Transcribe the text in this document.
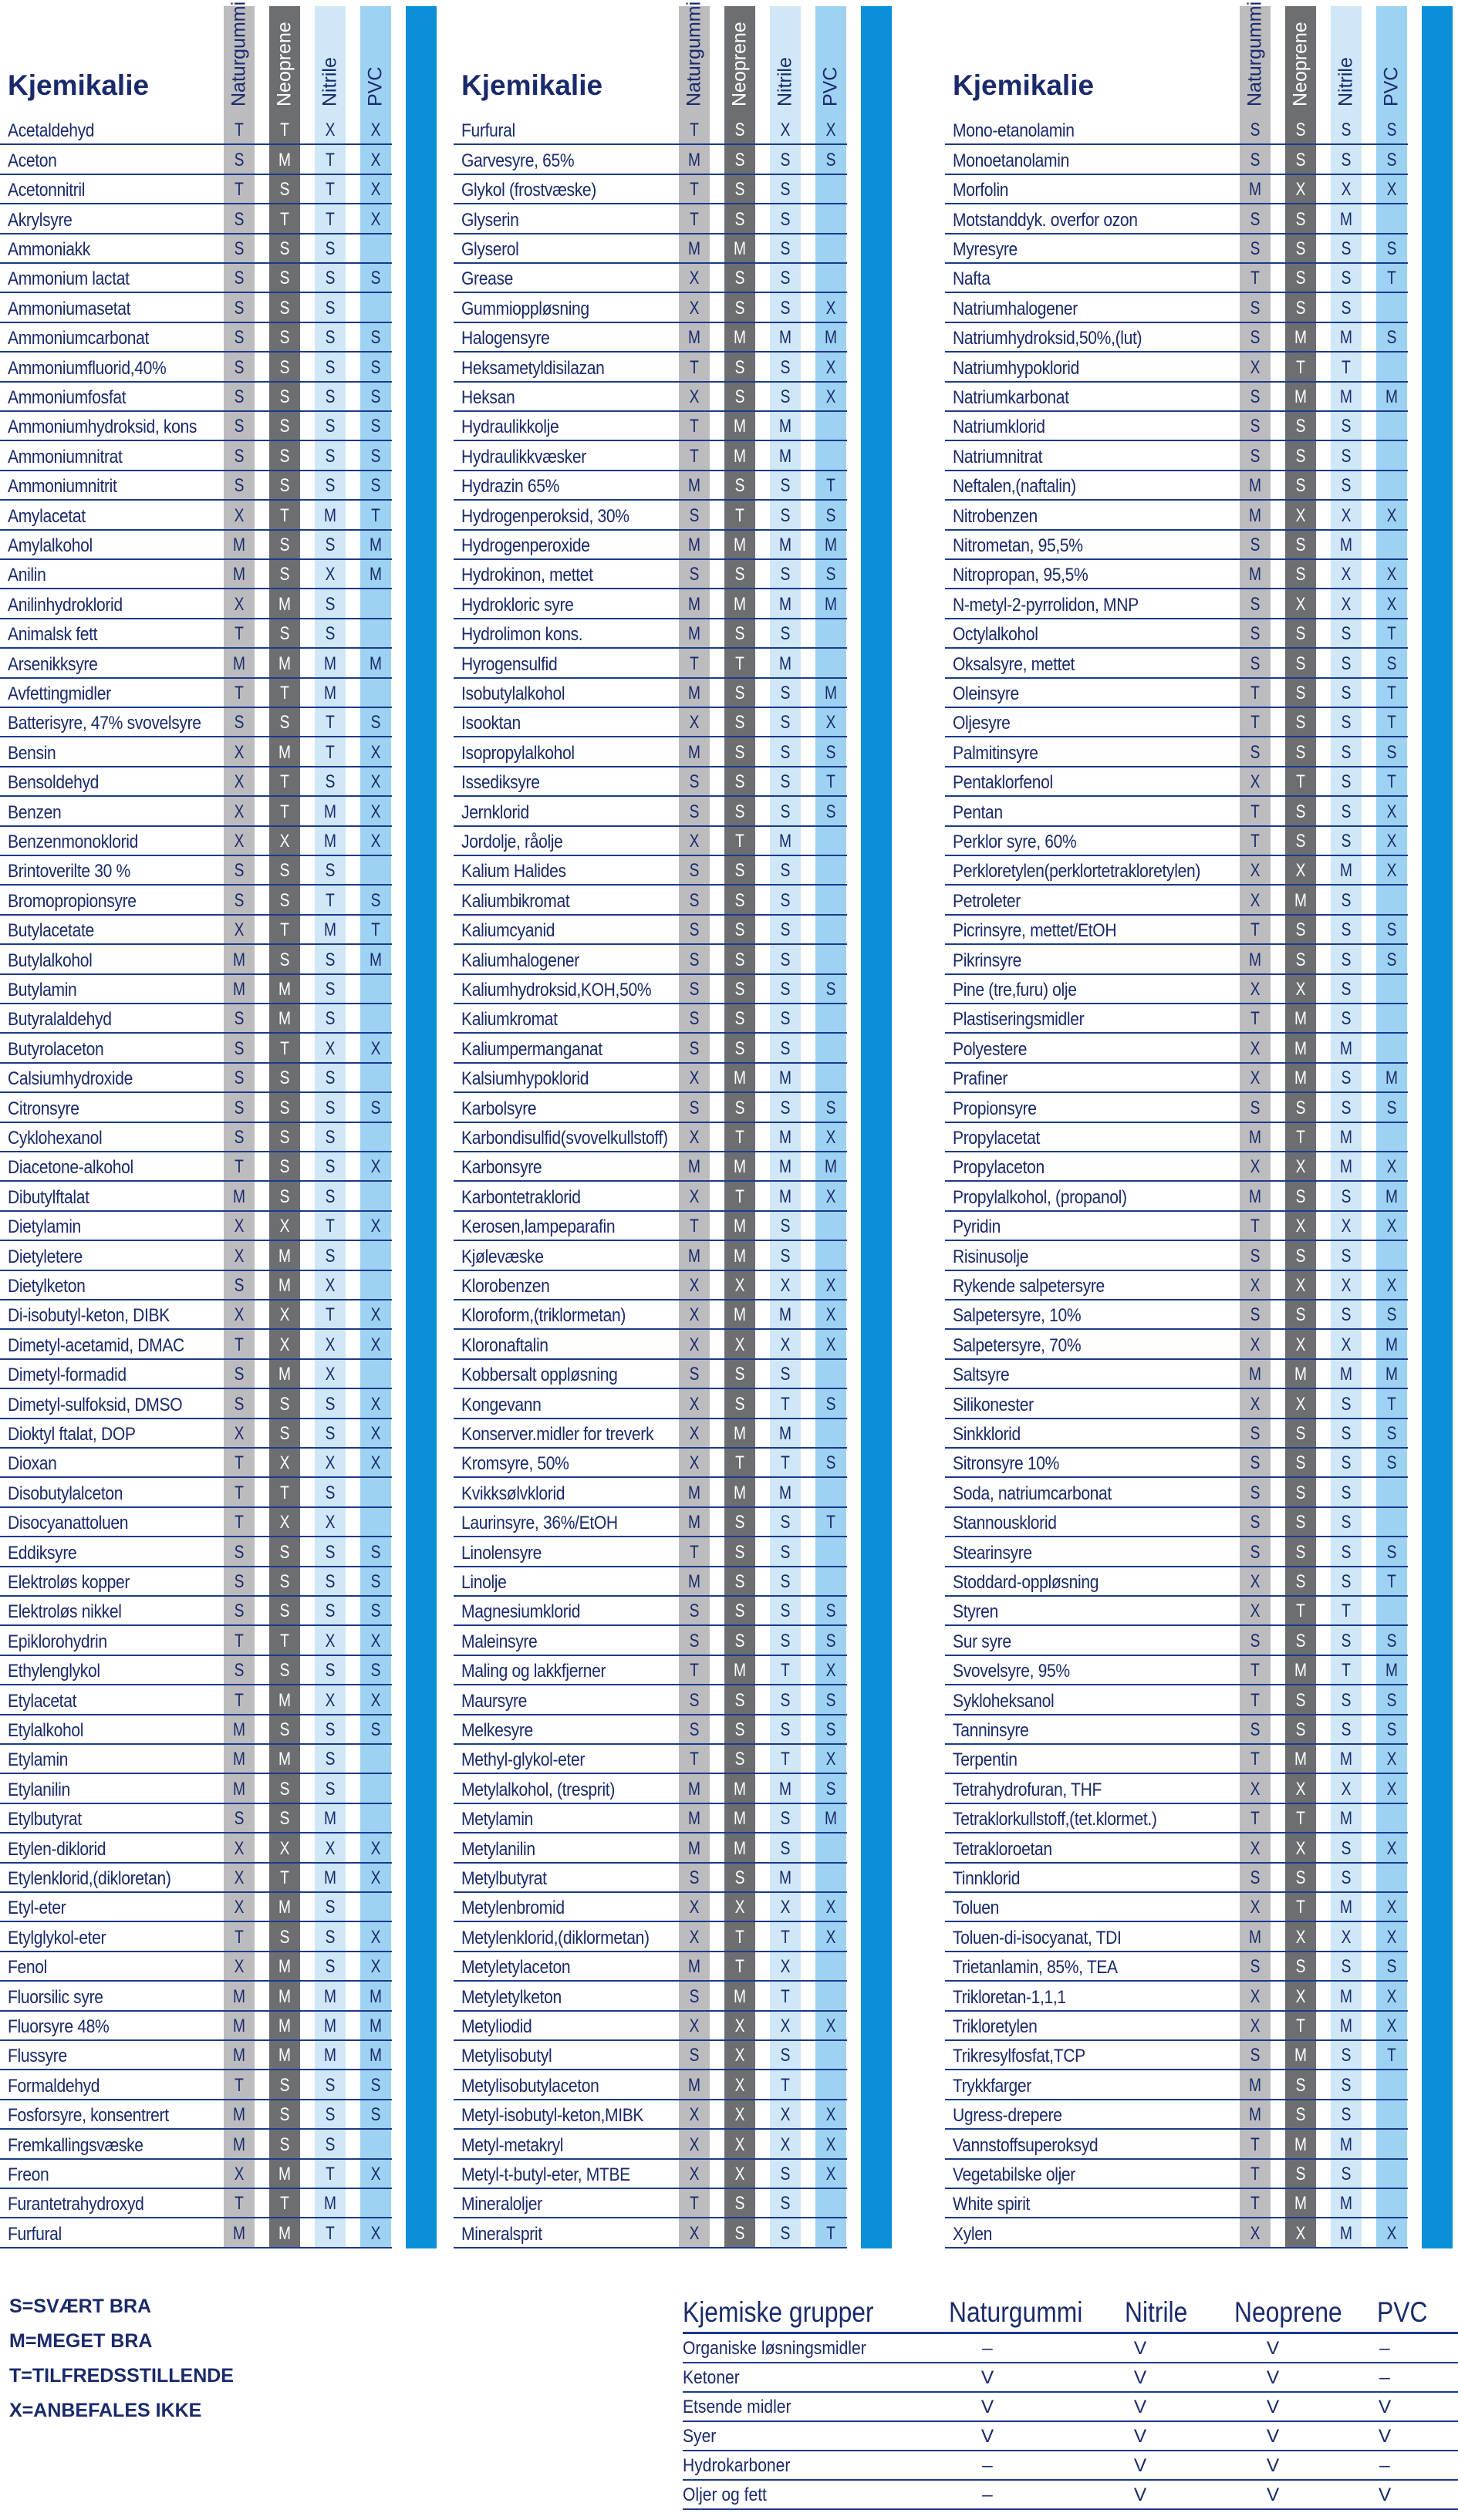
Kjemikalie	Naturgummi Neoprene Nitrile PVC
Acetaldehyd	T	T	X	X
Aceton	S	M	T	X
Acetonnitril	T	S	T	X
Akrylsyre	S	T	T	X
Ammoniakk	S	S	S
Ammonium lactat	S	S	S	S
Ammoniumasetat	S	S	S
Ammoniumcarbonat	S	S	S	S
Ammoniumfluorid,40%	S	S	S	S
Ammoniumfosfat	S	S	S	S
Ammoniumhydroksid, kons	S	S	S	S
Ammoniumnitrat	S	S	S	S
Ammoniumnitrit	S	S	S	S
Amylacetat	X	T	M	T
Amylalkohol	M	S	S	M
Anilin	M	S	X	M
Anilinhydroklorid	X	M	S
Animalsk fett	T	S	S
Arsenikksyre	M	M	M	M
Avfettingmidler	T	T	M
Batterisyre, 47% svovelsyre	S	S	T	S
Bensin	X	M	T	X
Bensoldehyd	X	T	S	X
Benzen	X	T	M	X
Benzenmonoklorid	X	X	M	X
Brintoverilte 30 %	S	S	S
Bromopropionsyre	S	S	T	S
Butylacetate	X	T	M	T
Butylalkohol	M	S	S	M
Butylamin	M	M	S
Butyralaldehyd	S	M	S
Butyrolaceton	S	T	X	X
Calsiumhydroxide	S	S	S
Citronsyre	S	S	S	S
Cyklohexanol	S	S	S
Diacetone-alkohol	T	S	S	X
Dibutylftalat	M	S	S
Dietylamin	X	X	T	X
Dietyletere	X	M	S
Dietylketon	S	M	X
Di-isobutyl-keton, DIBK	X	X	T	X
Dimetyl-acetamid, DMAC	T	X	X	X
Dimetyl-formadid	S	M	X
Dimetyl-sulfoksid, DMSO	S	S	S	X
Dioktyl ftalat, DOP	X	S	S	X
Dioxan	T	X	X	X
Disobutylalceton	T	T	S
Disocyanattoluen	T	X	X
Eddiksyre	S	S	S	S
Elektroløs kopper	S	S	S	S
Elektroløs nikkel	S	S	S	S
Epiklorohydrin	T	T	X	X
Ethylenglykol	S	S	S	S
Etylacetat	T	M	X	X
Etylalkohol	M	S	S	S
Etylamin	M	M	S
Etylanilin	M	S	S
Etylbutyrat	S	S	M
Etylen-diklorid	X	X	X	X
Etylenklorid,(dikloretan)	X	T	M	X
Etyl-eter	X	M	S
Etylglykol-eter	T	S	S	X
Fenol	X	M	S	X
Fluorsilic syre	M	M	M	M
Fluorsyre 48%	M	M	M	M
Flussyre	M	M	M	M
Formaldehyd	T	S	S	S
Fosforsyre, konsentrert	M	S	S	S
Fremkallingsvæske	M	S	S
Freon	X	M	T	X
Furantetrahydroxyd	T	T	M
Furfural	M	M	T	X
Kjemikalie	Naturgummi Neoprene Nitrile PVC
Furfural	T	S	X	X
Garvesyre, 65%	M	S	S	S
Glykol (frostvæske)	T	S	S
Glyserin	T	S	S
Glyserol	M	M	S
Grease	X	S	S
Gummioppløsning	X	S	S	X
Halogensyre	M	M	M	M
Heksametyldisilazan	T	S	S	X
Heksan	X	S	S	X
Hydraulikkolje	T	M	M
Hydraulikkvæsker	T	M	M
Hydrazin 65%	M	S	S	T
Hydrogenperoksid, 30%	S	T	S	S
Hydrogenperoxide	M	M	M	M
Hydrokinon, mettet	S	S	S	S
Hydrokloric syre	M	M	M	M
Hydrolimon kons.	M	S	S
Hyrogensulfid	T	T	M
Isobutylalkohol	M	S	S	M
Isooktan	X	S	S	X
Isopropylalkohol	M	S	S	S
Issediksyre	S	S	S	T
Jernklorid	S	S	S	S
Jordolje, råolje	X	T	M
Kalium Halides	S	S	S
Kaliumbikromat	S	S	S
Kaliumcyanid	S	S	S
Kaliumhalogener	S	S	S
Kaliumhydroksid,KOH,50%	S	S	S	S
Kaliumkromat	S	S	S
Kaliumpermanganat	S	S	S
Kalsiumhypoklorid	X	M	M
Karbolsyre	S	S	S	S
Karbondisulfid(svovelkullstoff)	X	T	M	X
Karbonsyre	M	M	M	M
Karbontetraklorid	X	T	M	X
Kerosen,lampeparafin	T	M	S
Kjølevæske	M	M	S
Klorobenzen	X	X	X	X
Kloroform,(triklormetan)	X	M	M	X
Kloronaftalin	X	X	X	X
Kobbersalt oppløsning	S	S	S
Kongevann	X	S	T	S
Konserver.midler for treverk	X	M	M
Kromsyre, 50%	X	T	T	S
Kvikksølvklorid	M	M	M
Laurinsyre, 36%/EtOH	M	S	S	T
Linolensyre	T	S	S
Linolje	M	S	S
Magnesiumklorid	S	S	S	S
Maleinsyre	S	S	S	S
Maling og lakkfjerner	T	M	T	X
Maursyre	S	S	S	S
Melkesyre	S	S	S	S
Methyl-glykol-eter	T	S	T	X
Metylalkohol, (tresprit)	M	M	M	S
Metylamin	M	M	S	M
Metylanilin	M	M	S
Metylbutyrat	S	S	M
Metylenbromid	X	X	X	X
Metylenklorid,(diklormetan)	X	T	T	X
Metyletylaceton	M	T	X
Metyletylketon	S	M	T
Metyliodid	X	X	X	X
Metylisobutyl	S	X	S
Metylisobutylaceton	M	X	T
Metyl-isobutyl-keton,MIBK	X	X	X	X
Metyl-metakryl	X	X	X	X
Metyl-t-butyl-eter, MTBE	X	X	S	X
Mineraloljer	T	S	S
Mineralsprit	X	S	S	T
Kjemikalie	Naturgummi Neoprene Nitrile PVC
Mono-etanolamin	S	S	S	S
Monoetanolamin	S	S	S	S
Morfolin	M	X	X	X
Motstanddyk. overfor ozon	S	S	M
Myresyre	S	S	S	S
Nafta	T	S	S	T
Natriumhalogener	S	S	S
Natriumhydroksid,50%,(lut)	S	M	M	S
Natriumhypoklorid	X	T	T
Natriumkarbonat	S	M	M	M
Natriumklorid	S	S	S
Natriumnitrat	S	S	S
Neftalen,(naftalin)	M	S	S
Nitrobenzen	M	X	X	X
Nitrometan, 95,5%	S	S	M
Nitropropan, 95,5%	M	S	X	X
N-metyl-2-pyrrolidon, MNP	S	X	X	X
Octylalkohol	S	S	S	T
Oksalsyre, mettet	S	S	S	S
Oleinsyre	T	S	S	T
Oljesyre	T	S	S	T
Palmitinsyre	S	S	S	S
Pentaklorfenol	X	T	S	T
Pentan	T	S	S	X
Perklor syre, 60%	T	S	S	X
Perkloretylen(perklortetrakloretylen)	X	X	M	X
Petroleter	X	M	S
Picrinsyre, mettet/EtOH	T	S	S	S
Pikrinsyre	M	S	S	S
Pine (tre,furu) olje	X	X	S
Plastiseringsmidler	T	M	S
Polyestere	X	M	M
Prafiner	X	M	S	M
Propionsyre	S	S	S	S
Propylacetat	M	T	M
Propylaceton	X	X	M	X
Propylalkohol, (propanol)	M	S	S	M
Pyridin	T	X	X	X
Risinusolje	S	S	S
Rykende salpetersyre	X	X	X	X
Salpetersyre, 10%	S	S	S	S
Salpetersyre, 70%	X	X	X	M
Saltsyre	M	M	M	M
Silikonester	X	X	S	T
Sinkklorid	S	S	S	S
Sitronsyre 10%	S	S	S	S
Soda, natriumcarbonat	S	S	S
Stannousklorid	S	S	S
Stearinsyre	S	S	S	S
Stoddard-oppløsning	X	S	S	T
Styren	X	T	T
Sur syre	S	S	S	S
Svovelsyre, 95%	T	M	T	M
Sykloheksanol	T	S	S	S
Tanninsyre	S	S	S	S
Terpentin	T	M	M	X
Tetrahydrofuran, THF	X	X	X	X
Tetraklorkullstoff,(tet.klormet.)	T	T	M
Tetrakloroetan	X	X	S	X
Tinnklorid	S	S	S
Toluen	X	T	M	X
Toluen-di-isocyanat, TDI	M	X	X	X
Trietanlamin, 85%, TEA	S	S	S	S
Trikloretan-1,1,1	X	X	M	X
Trikloretylen	X	T	M	X
Trikresylfosfat,TCP	S	M	S	T
Trykkfarger	M	S	S
Ugress-drepere	M	S	S
Vannstoffsuperoksyd	T	M	M
Vegetabilske oljer	T	S	S
White spirit	T	M	M
Xylen	X	X	M	X
S=SVÆRT BRA
M=MEGET BRA
T=TILFREDSSTILLENDE
X=ANBEFALES IKKE
Kjemiske grupper	Naturgummi Nitrile Neoprene PVC
Organiske løsningsmidler	–	V	V	–
Ketoner	V	V	V	–
Etsende midler	V	V	V	V
Syer	V	V	V	V
Hydrokarboner	–	V	V	–
Oljer og fett	–	V	V	V
